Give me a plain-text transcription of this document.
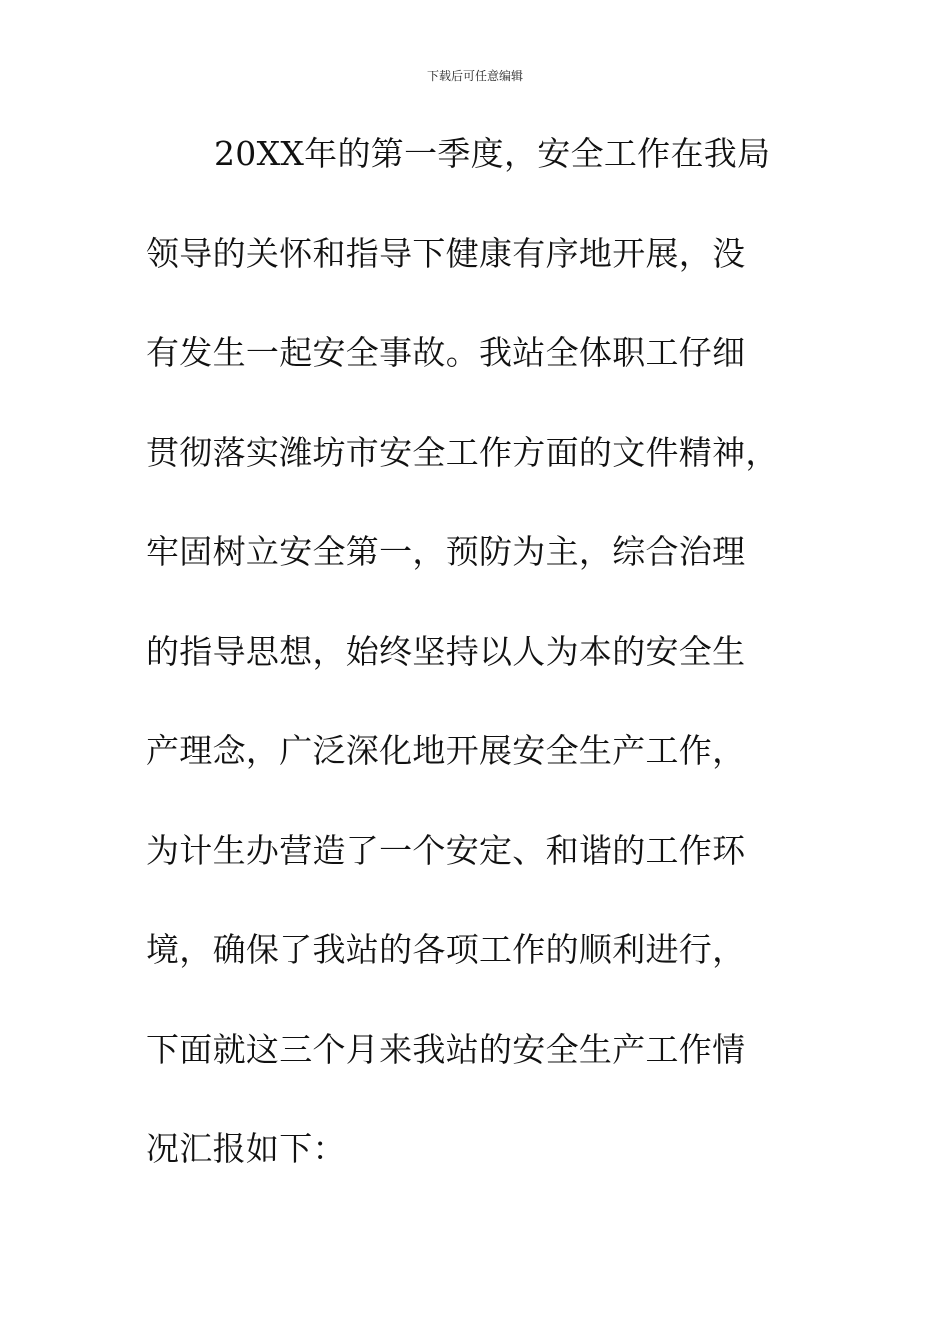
下载后可任意编辑
20XX年的第一季度，安全工作在我局
领导的关怀和指导下健康有序地开展，没
有发生一起安全事故。我站全体职工仔细
贯彻落实潍坊市安全工作方面的文件精神，
牢固树立安全第一，预防为主，综合治理
的指导思想，始终坚持以人为本的安全生
产理念，广泛深化地开展安全生产工作，
为计生办营造了一个安定、和谐的工作环
境，确保了我站的各项工作的顺利进行，
下面就这三个月来我站的安全生产工作情
况汇报如下：
